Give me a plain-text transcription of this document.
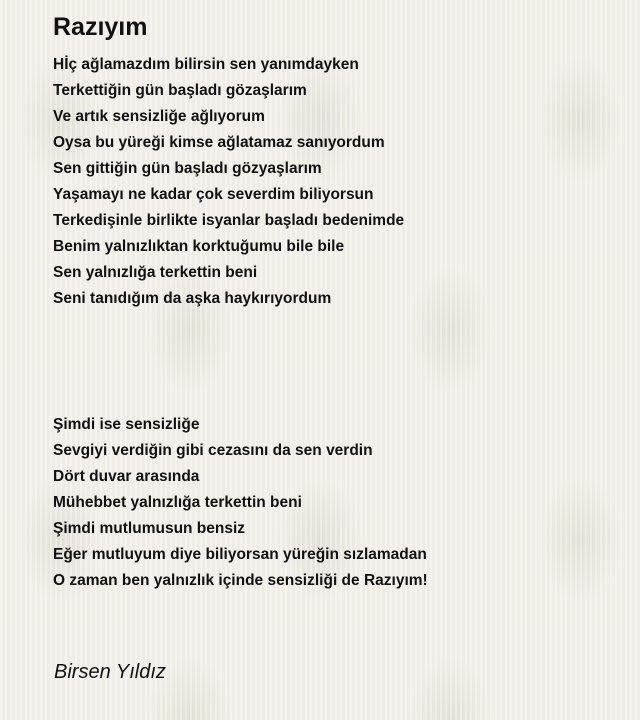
Razıyım
Hİç ağlamazdım bilirsin sen yanımdayken
Terkettiğin gün başladı gözaşlarım
Ve artık sensizliğe ağlıyorum
Oysa bu yüreği kimse ağlatamaz sanıyordum
Sen gittiğin gün başladı gözyaşlarım
Yaşamayı ne kadar çok severdim biliyorsun
Terkedişinle birlikte isyanlar başladı bedenimde
Benim yalnızlıktan korktuğumu bile bile
Sen yalnızlığa terkettin beni
Seni tanıdığım da aşka haykırıyordum
Şimdi ise sensizliğe
Sevgiyi verdiğin gibi cezasını da sen verdin
Dört duvar arasında
Mühebbet yalnızlığa terkettin beni
Şimdi mutlumusun bensiz
Eğer mutluyum diye biliyorsan yüreğin sızlamadan
O zaman ben yalnızlık içinde sensizliği de Razıyım!
Birsen Yıldız
